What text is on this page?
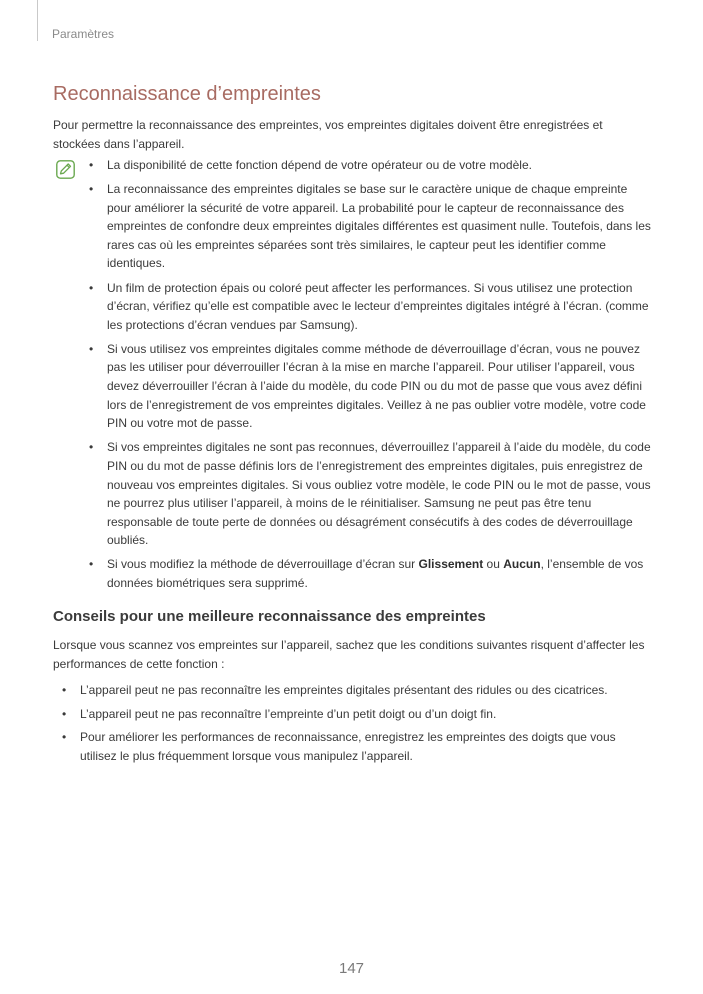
Paramètres
Reconnaissance d’empreintes

Pour permettre la reconnaissance des empreintes, vos empreintes digitales doivent être enregistrées et stockées dans l’appareil.

• La disponibilité de cette fonction dépend de votre opérateur ou de votre modèle.
• La reconnaissance des empreintes digitales se base sur le caractère unique de chaque empreinte pour améliorer la sécurité de votre appareil. La probabilité pour le capteur de reconnaissance des empreintes de confondre deux empreintes digitales différentes est quasiment nulle. Toutefois, dans les rares cas où les empreintes séparées sont très similaires, le capteur peut les identifier comme identiques.
• Un film de protection épais ou coloré peut affecter les performances. Si vous utilisez une protection d’écran, vérifiez qu’elle est compatible avec le lecteur d’empreintes digitales intégré à l’écran. (comme les protections d’écran vendues par Samsung).
• Si vous utilisez vos empreintes digitales comme méthode de déverrouillage d’écran, vous ne pouvez pas les utiliser pour déverrouiller l’écran à la mise en marche l’appareil. Pour utiliser l’appareil, vous devez déverrouiller l’écran à l’aide du modèle, du code PIN ou du mot de passe que vous avez défini lors de l’enregistrement de vos empreintes digitales. Veillez à ne pas oublier votre modèle, votre code PIN ou votre mot de passe.
• Si vos empreintes digitales ne sont pas reconnues, déverrouillez l’appareil à l’aide du modèle, du code PIN ou du mot de passe définis lors de l’enregistrement des empreintes digitales, puis enregistrez de nouveau vos empreintes digitales. Si vous oubliez votre modèle, le code PIN ou le mot de passe, vous ne pourrez plus utiliser l’appareil, à moins de le réinitialiser. Samsung ne peut pas être tenu responsable de toute perte de données ou désagrément consécutifs à des codes de déverrouillage oubliés.
• Si vous modifiez la méthode de déverrouillage d’écran sur Glissement ou Aucun, l’ensemble de vos données biométriques sera supprimé.
Conseils pour une meilleure reconnaissance des empreintes

Lorsque vous scannez vos empreintes sur l’appareil, sachez que les conditions suivantes risquent d’affecter les performances de cette fonction :

• L’appareil peut ne pas reconnaître les empreintes digitales présentant des ridules ou des cicatrices.
• L’appareil peut ne pas reconnaître l’empreinte d’un petit doigt ou d’un doigt fin.
• Pour améliorer les performances de reconnaissance, enregistrez les empreintes des doigts que vous utilisez le plus fréquemment lorsque vous manipulez l’appareil.
147
